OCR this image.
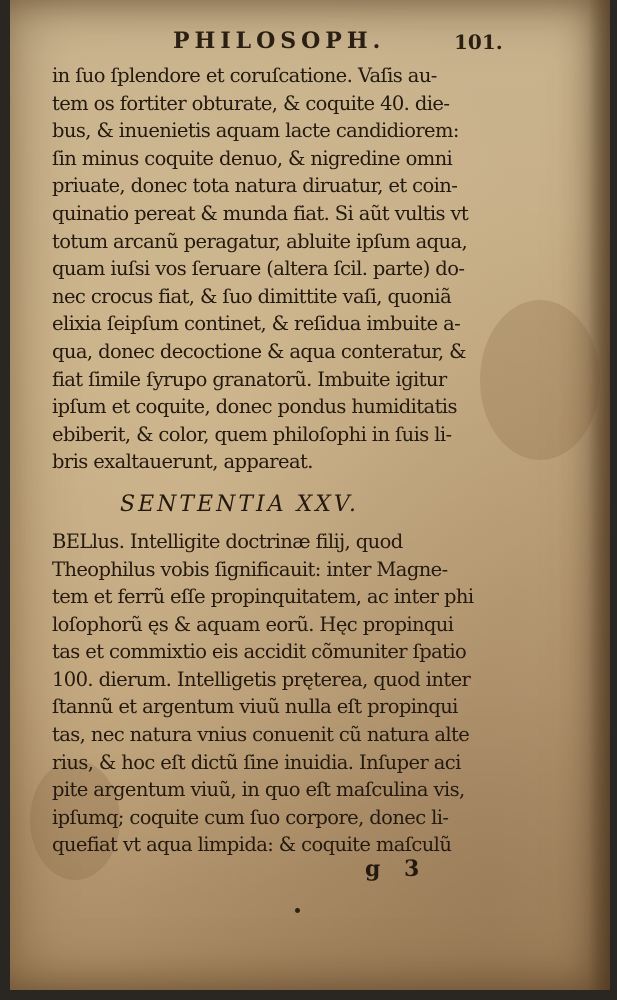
PHILOSOPH.	101.
in ſuo ſplendore et coruſcatione. Vaſis au-
tem os fortiter obturate, & coquite 40. die-
bus, & inuenietis aquam lacte candidiorem:
ſin minus coquite denuo, & nigredine omni
priuate, donec tota natura diruatur, et coin-
quinatio pereat & munda fiat. Si aũt vultis vt
totum arcanũ peragatur, abluite ipſum aqua,
quam iuſsi vos ſeruare (altera ſcil. parte) do-
nec crocus fiat, & ſuo dimittite vaſi, quoniã
elixia ſeipſum continet, & reſidua imbuite a-
qua, donec decoctione & aqua conteratur, &
fiat ſimile ſyrupo granatorũ. Imbuite igitur
ipſum et coquite, donec pondus humiditatis
ebiberit, & color, quem philoſophi in ſuis li-
bris exaltauerunt, appareat.
SENTENTIA XXV.
BELlus. Intelligite doctrinæ filij, quod
Theophilus vobis ſignificauit: inter Magne-
tem et ferrũ eſſe propinquitatem, ac inter phi
loſophorũ ęs & aquam eorũ. Hęc propinqui
tas et commixtio eis accidit cõmuniter ſpatio
100. dierum. Intelligetis pręterea, quod inter
ſtannũ et argentum viuũ nulla eſt propinqui
tas, nec natura vnius conuenit cũ natura alte
rius, & hoc eſt dictũ ſine inuidia. Inſuper aci
pite argentum viuũ, in quo eſt maſculina vis,
ipſumq; coquite cum ſuo corpore, donec li-
quefiat vt aqua limpida: & coquite maſculũ
g 3
